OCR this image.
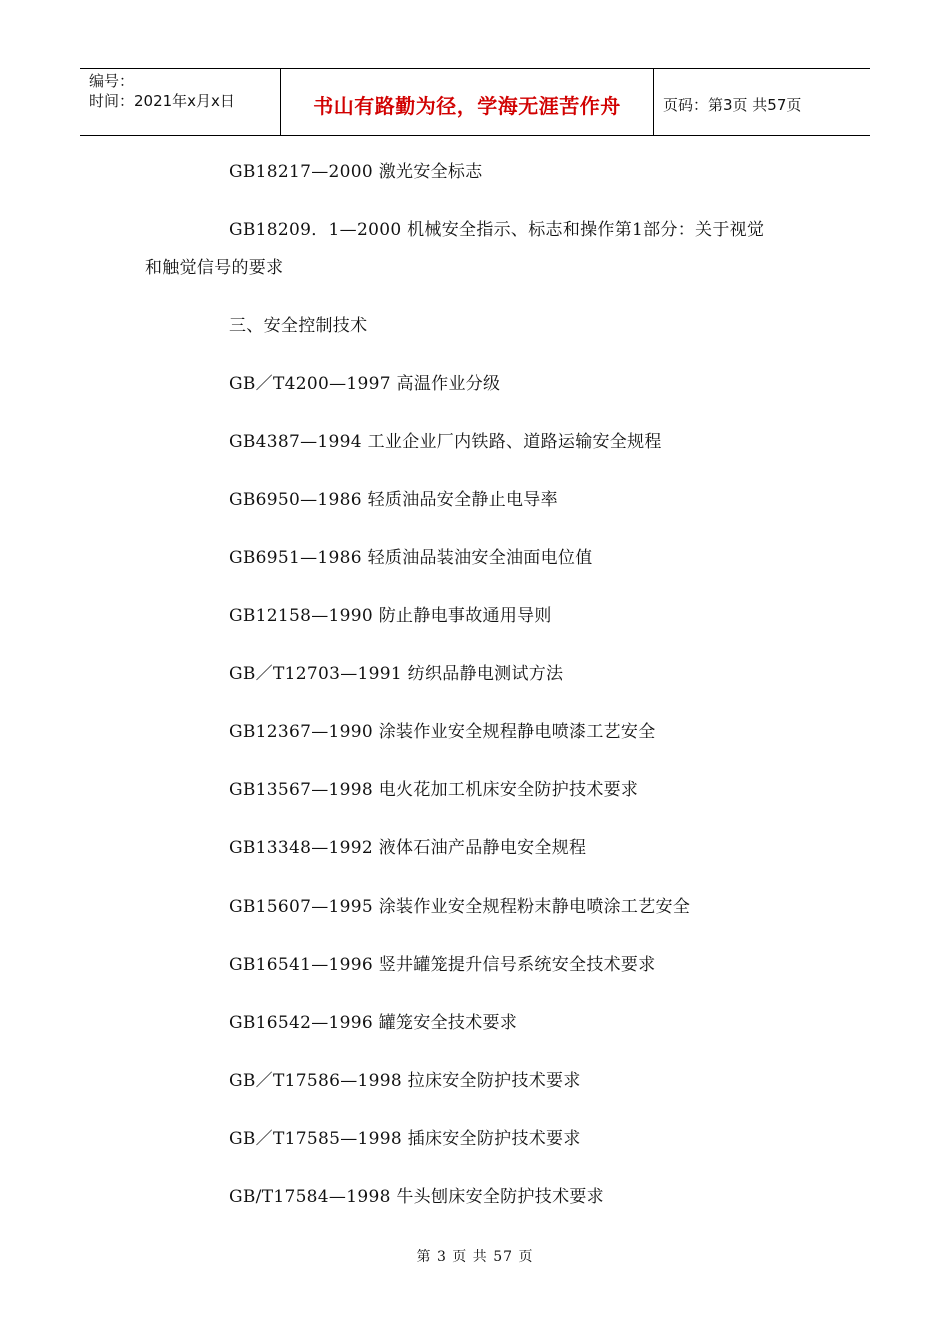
编号：
时间：2021年x月x日	书山有路勤为径，学海无涯苦作舟	页码：第3页 共57页
GB18217—2000 激光安全标志
GB18209．1—2000 机械安全指示、标志和操作第1部分：关于视觉
和触觉信号的要求
三、安全控制技术
GB／T4200—1997 高温作业分级
GB4387—1994 工业企业厂内铁路、道路运输安全规程
GB6950—1986 轻质油品安全静止电导率
GB6951—1986 轻质油品装油安全油面电位值
GB12158—1990 防止静电事故通用导则
GB／T12703—1991 纺织品静电测试方法
GB12367—1990 涂装作业安全规程静电喷漆工艺安全
GB13567—1998 电火花加工机床安全防护技术要求
GB13348—1992 液体石油产品静电安全规程
GB15607—1995 涂装作业安全规程粉末静电喷涂工艺安全
GB16541—1996 竖井罐笼提升信号系统安全技术要求
GB16542—1996 罐笼安全技术要求
GB／T17586—1998 拉床安全防护技术要求
GB／T17585—1998 插床安全防护技术要求
GB/T17584—1998 牛头刨床安全防护技术要求
第 3 页 共 57 页
